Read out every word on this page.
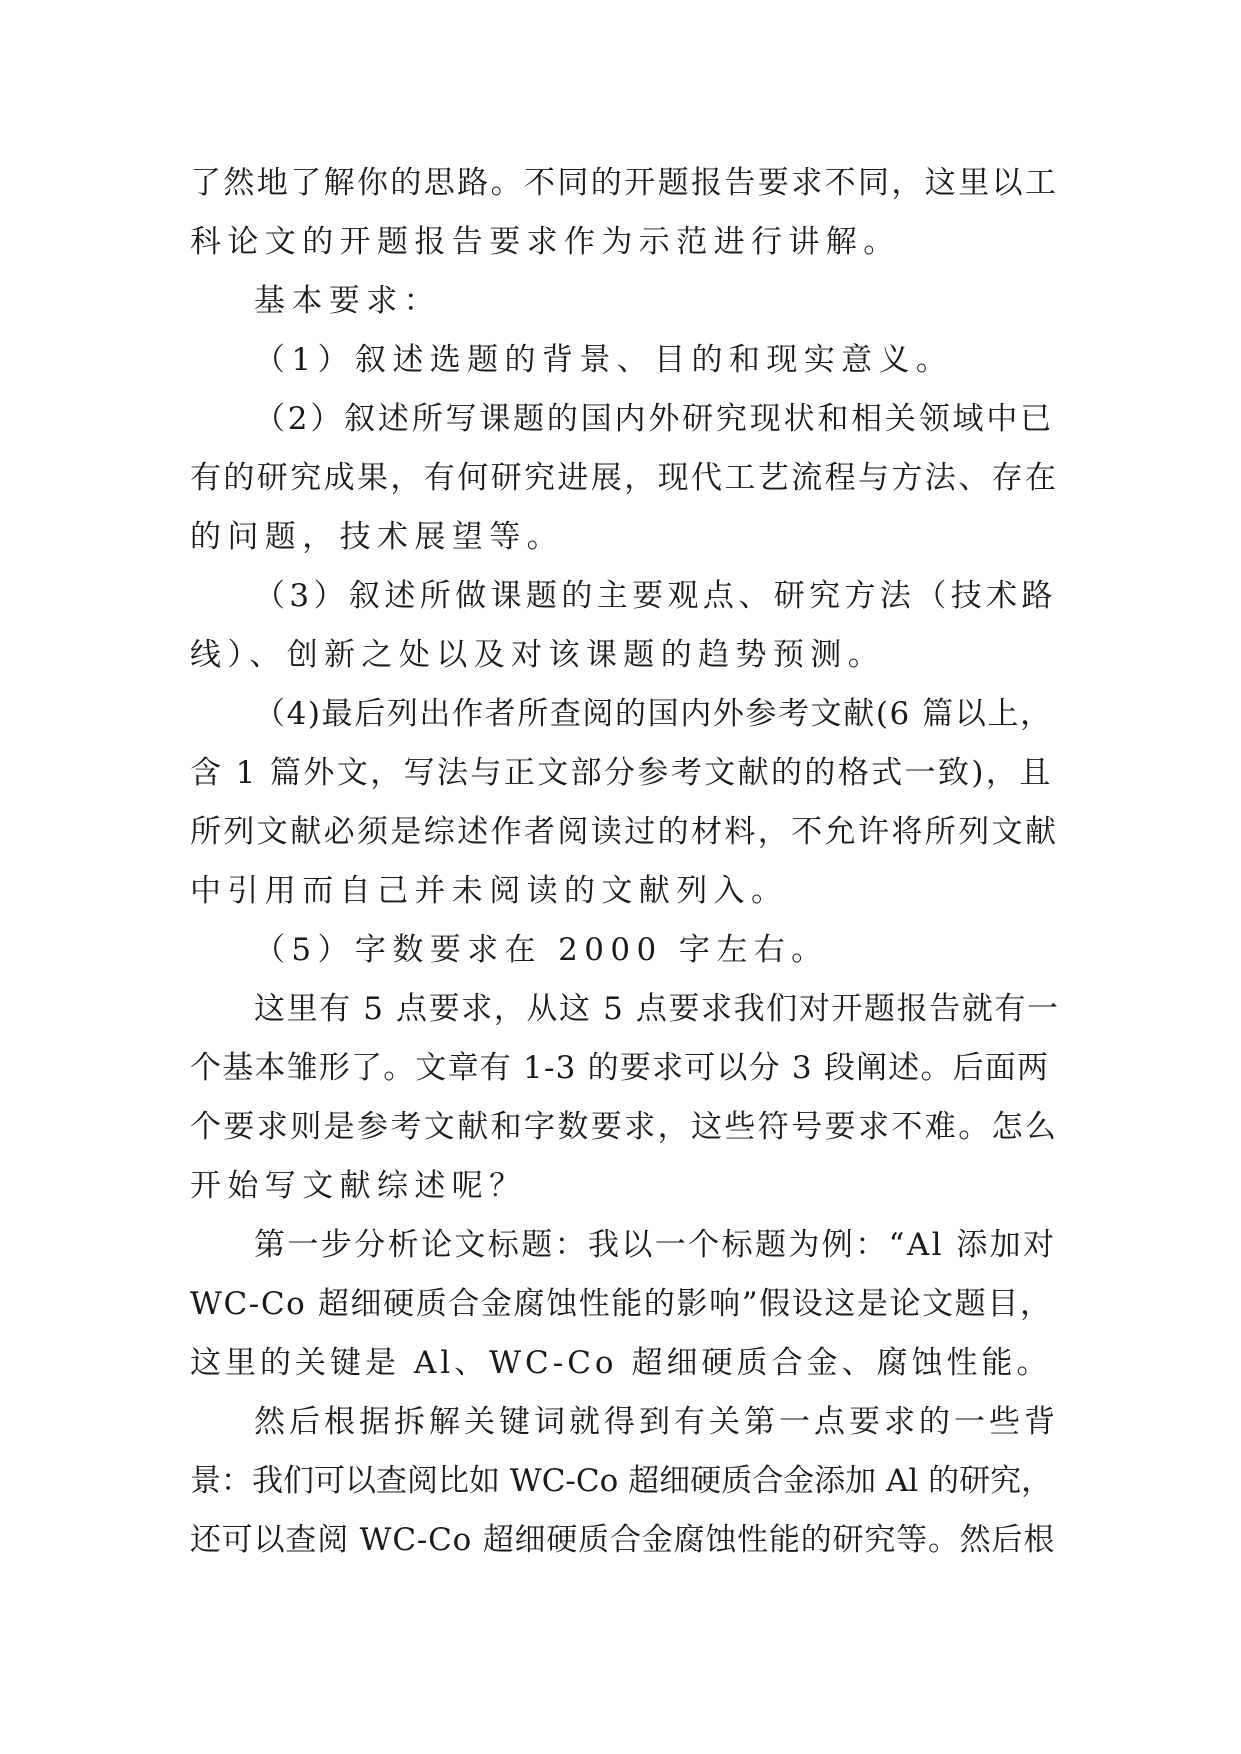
了然地了解你的思路。不同的开题报告要求不同，这里以工
科论文的开题报告要求作为示范进行讲解。
基本要求：
（1）叙述选题的背景、目的和现实意义。
（2）叙述所写课题的国内外研究现状和相关领域中已
有的研究成果，有何研究进展，现代工艺流程与方法、存在
的问题，技术展望等。
（3）叙述所做课题的主要观点、研究方法（技术路
线）、创新之处以及对该课题的趋势预测。
（4)最后列出作者所查阅的国内外参考文献(6 篇以上，
含 1 篇外文，写法与正文部分参考文献的的格式一致)，且
所列文献必须是综述作者阅读过的材料，不允许将所列文献
中引用而自己并未阅读的文献列入。
（5）字数要求在 2000 字左右。
这里有 5 点要求，从这 5 点要求我们对开题报告就有一
个基本雏形了。文章有 1-3 的要求可以分 3 段阐述。后面两
个要求则是参考文献和字数要求，这些符号要求不难。怎么
开始写文献综述呢？
第一步分析论文标题：我以一个标题为例：“Al 添加对
WC-Co 超细硬质合金腐蚀性能的影响”假设这是论文题目，
这里的关键是 Al、WC-Co 超细硬质合金、腐蚀性能。
然后根据拆解关键词就得到有关第一点要求的一些背
景：我们可以查阅比如 WC-Co 超细硬质合金添加 Al 的研究，
还可以查阅 WC-Co 超细硬质合金腐蚀性能的研究等。然后根
